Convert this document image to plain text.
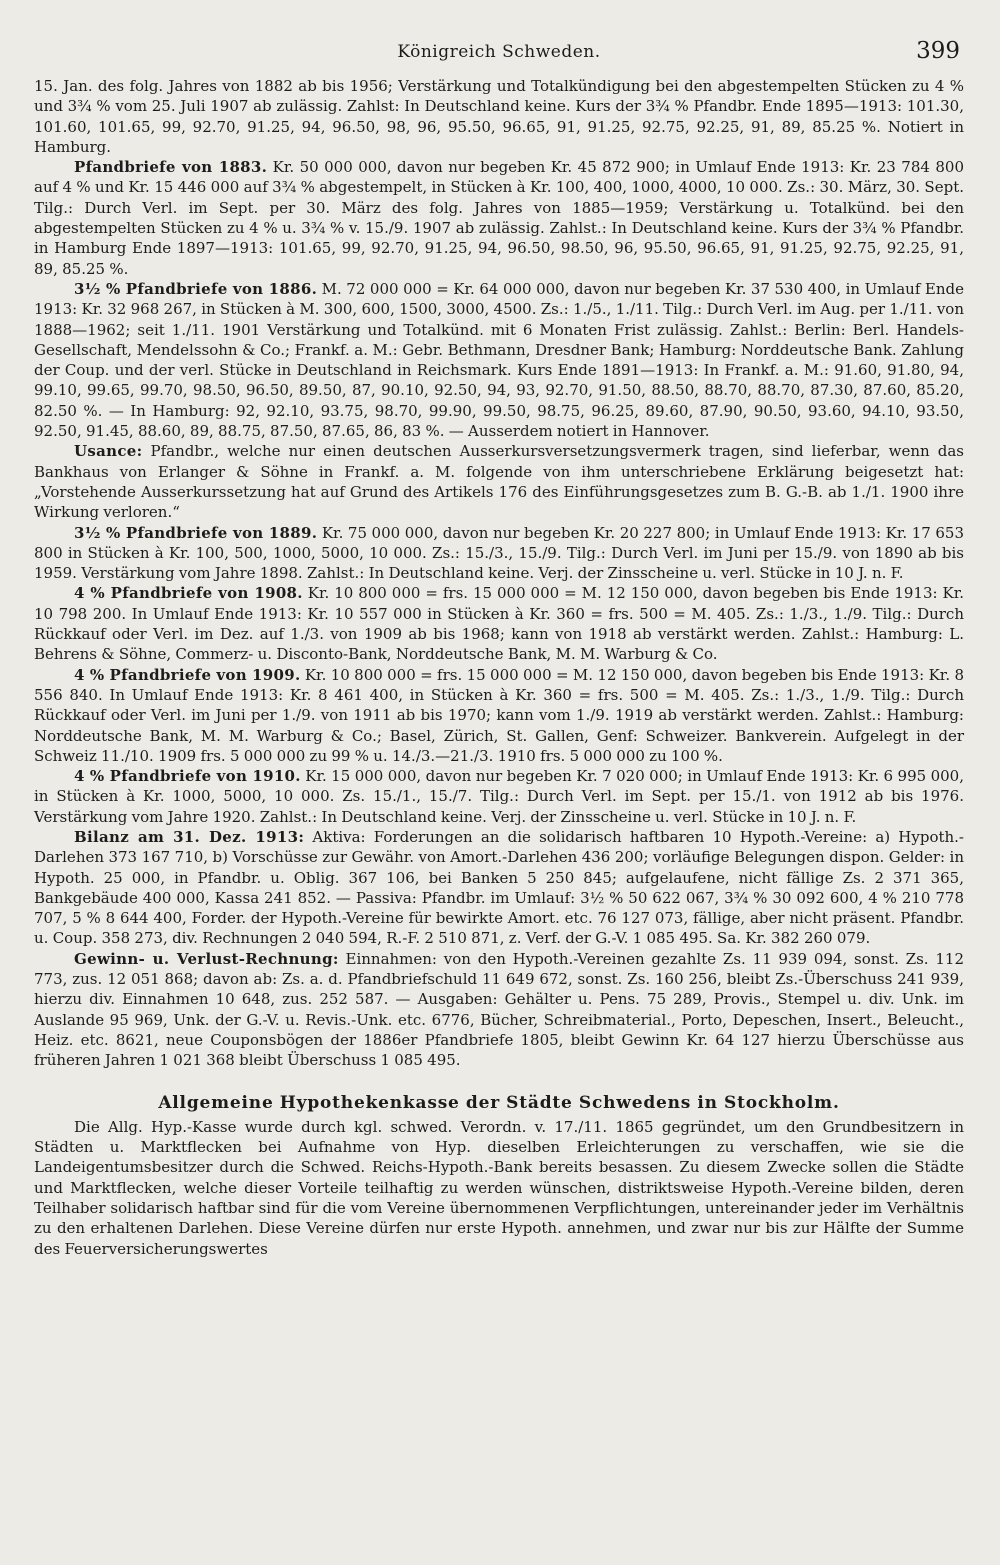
Königreich Schweden.	399

15. Jan. des folg. Jahres von 1882 ab bis 1956; Verstärkung und Totalkündigung bei den abgestempelten Stücken zu 4 % und 3¾ % vom 25. Juli 1907 ab zulässig. Zahlst: In Deutschland keine. Kurs der 3¾ % Pfandbr. Ende 1895—1913: 101.30, 101.60, 101.65, 99, 92.70, 91.25, 94, 96.50, 98, 96, 95.50, 96.65, 91, 91.25, 92.75, 92.25, 91, 89, 85.25 %. Notiert in Hamburg.

Pfandbriefe von 1883. Kr. 50 000 000, davon nur begeben Kr. 45 872 900; in Umlauf Ende 1913: Kr. 23 784 800 auf 4 % und Kr. 15 446 000 auf 3¾ % abgestempelt, in Stücken à Kr. 100, 400, 1000, 4000, 10 000. Zs.: 30. März, 30. Sept. Tilg.: Durch Verl. im Sept. per 30. März des folg. Jahres von 1885—1959; Verstärkung u. Totalkünd. bei den abgestempelten Stücken zu 4 % u. 3¾ % v. 15./9. 1907 ab zulässig. Zahlst.: In Deutschland keine. Kurs der 3¾ % Pfandbr. in Hamburg Ende 1897—1913: 101.65, 99, 92.70, 91.25, 94, 96.50, 98.50, 96, 95.50, 96.65, 91, 91.25, 92.75, 92.25, 91, 89, 85.25 %.

3½ % Pfandbriefe von 1886. M. 72 000 000 = Kr. 64 000 000, davon nur begeben Kr. 37 530 400, in Umlauf Ende 1913: Kr. 32 968 267, in Stücken à M. 300, 600, 1500, 3000, 4500. Zs.: 1./5., 1./11. Tilg.: Durch Verl. im Aug. per 1./11. von 1888—1962; seit 1./11. 1901 Verstärkung und Totalkünd. mit 6 Monaten Frist zulässig. Zahlst.: Berlin: Berl. Handels-Gesellschaft, Mendelssohn & Co.; Frankf. a. M.: Gebr. Bethmann, Dresdner Bank; Hamburg: Norddeutsche Bank. Zahlung der Coup. und der verl. Stücke in Deutschland in Reichsmark. Kurs Ende 1891—1913: In Frankf. a. M.: 91.60, 91.80, 94, 99.10, 99.65, 99.70, 98.50, 96.50, 89.50, 87, 90.10, 92.50, 94, 93, 92.70, 91.50, 88.50, 88.70, 88.70, 87.30, 87.60, 85.20, 82.50 %. — In Hamburg: 92, 92.10, 93.75, 98.70, 99.90, 99.50, 98.75, 96.25, 89.60, 87.90, 90.50, 93.60, 94.10, 93.50, 92.50, 91.45, 88.60, 89, 88.75, 87.50, 87.65, 86, 83 %. — Ausserdem notiert in Hannover.

Usance: Pfandbr., welche nur einen deutschen Ausserkursversetzungsvermerk tragen, sind lieferbar, wenn das Bankhaus von Erlanger & Söhne in Frankf. a. M. folgende von ihm unterschriebene Erklärung beigesetzt hat: „Vorstehende Ausserkurssetzung hat auf Grund des Artikels 176 des Einführungsgesetzes zum B. G.-B. ab 1./1. 1900 ihre Wirkung verloren.“

3½ % Pfandbriefe von 1889. Kr. 75 000 000, davon nur begeben Kr. 20 227 800; in Umlauf Ende 1913: Kr. 17 653 800 in Stücken à Kr. 100, 500, 1000, 5000, 10 000. Zs.: 15./3., 15./9. Tilg.: Durch Verl. im Juni per 15./9. von 1890 ab bis 1959. Verstärkung vom Jahre 1898. Zahlst.: In Deutschland keine. Verj. der Zinsscheine u. verl. Stücke in 10 J. n. F.

4 % Pfandbriefe von 1908. Kr. 10 800 000 = frs. 15 000 000 = M. 12 150 000, davon begeben bis Ende 1913: Kr. 10 798 200. In Umlauf Ende 1913: Kr. 10 557 000 in Stücken à Kr. 360 = frs. 500 = M. 405. Zs.: 1./3., 1./9. Tilg.: Durch Rückkauf oder Verl. im Dez. auf 1./3. von 1909 ab bis 1968; kann von 1918 ab verstärkt werden. Zahlst.: Hamburg: L. Behrens & Söhne, Commerz- u. Disconto-Bank, Norddeutsche Bank, M. M. Warburg & Co.

4 % Pfandbriefe von 1909. Kr. 10 800 000 = frs. 15 000 000 = M. 12 150 000, davon begeben bis Ende 1913: Kr. 8 556 840. In Umlauf Ende 1913: Kr. 8 461 400, in Stücken à Kr. 360 = frs. 500 = M. 405. Zs.: 1./3., 1./9. Tilg.: Durch Rückkauf oder Verl. im Juni per 1./9. von 1911 ab bis 1970; kann vom 1./9. 1919 ab verstärkt werden. Zahlst.: Hamburg: Norddeutsche Bank, M. M. Warburg & Co.; Basel, Zürich, St. Gallen, Genf: Schweizer. Bankverein. Aufgelegt in der Schweiz 11./10. 1909 frs. 5 000 000 zu 99 % u. 14./3.—21./3. 1910 frs. 5 000 000 zu 100 %.

4 % Pfandbriefe von 1910. Kr. 15 000 000, davon nur begeben Kr. 7 020 000; in Umlauf Ende 1913: Kr. 6 995 000, in Stücken à Kr. 1000, 5000, 10 000. Zs. 15./1., 15./7. Tilg.: Durch Verl. im Sept. per 15./1. von 1912 ab bis 1976. Verstärkung vom Jahre 1920. Zahlst.: In Deutschland keine. Verj. der Zinsscheine u. verl. Stücke in 10 J. n. F.

Bilanz am 31. Dez. 1913: Aktiva: Forderungen an die solidarisch haftbaren 10 Hypoth.-Vereine: a) Hypoth.-Darlehen 373 167 710, b) Vorschüsse zur Gewähr. von Amort.-Darlehen 436 200; vorläufige Belegungen dispon. Gelder: in Hypoth. 25 000, in Pfandbr. u. Oblig. 367 106, bei Banken 5 250 845; aufgelaufene, nicht fällige Zs. 2 371 365, Bankgebäude 400 000, Kassa 241 852. — Passiva: Pfandbr. im Umlauf: 3½ % 50 622 067, 3¾ % 30 092 600, 4 % 210 778 707, 5 % 8 644 400, Forder. der Hypoth.-Vereine für bewirkte Amort. etc. 76 127 073, fällige, aber nicht präsent. Pfandbr. u. Coup. 358 273, div. Rechnungen 2 040 594, R.-F. 2 510 871, z. Verf. der G.-V. 1 085 495. Sa. Kr. 382 260 079.

Gewinn- u. Verlust-Rechnung: Einnahmen: von den Hypoth.-Vereinen gezahlte Zs. 11 939 094, sonst. Zs. 112 773, zus. 12 051 868; davon ab: Zs. a. d. Pfandbriefschuld 11 649 672, sonst. Zs. 160 256, bleibt Zs.-Überschuss 241 939, hierzu div. Einnahmen 10 648, zus. 252 587. — Ausgaben: Gehälter u. Pens. 75 289, Provis., Stempel u. div. Unk. im Auslande 95 969, Unk. der G.-V. u. Revis.-Unk. etc. 6776, Bücher, Schreibmaterial., Porto, Depeschen, Insert., Beleucht., Heiz. etc. 8621, neue Couponsbögen der 1886er Pfandbriefe 1805, bleibt Gewinn Kr. 64 127 hierzu Überschüsse aus früheren Jahren 1 021 368 bleibt Überschuss 1 085 495.

Allgemeine Hypothekenkasse der Städte Schwedens in Stockholm.

Die Allg. Hyp.-Kasse wurde durch kgl. schwed. Verordn. v. 17./11. 1865 gegründet, um den Grundbesitzern in Städten u. Marktflecken bei Aufnahme von Hyp. dieselben Erleichterungen zu verschaffen, wie sie die Landeigentumsbesitzer durch die Schwed. Reichs-Hypoth.-Bank bereits besassen. Zu diesem Zwecke sollen die Städte und Marktflecken, welche dieser Vorteile teilhaftig zu werden wünschen, distriktsweise Hypoth.-Vereine bilden, deren Teilhaber solidarisch haftbar sind für die vom Vereine übernommenen Verpflichtungen, untereinander jeder im Verhältnis zu den erhaltenen Darlehen. Diese Vereine dürfen nur erste Hypoth. annehmen, und zwar nur bis zur Hälfte der Summe des Feuerversicherungswertes
